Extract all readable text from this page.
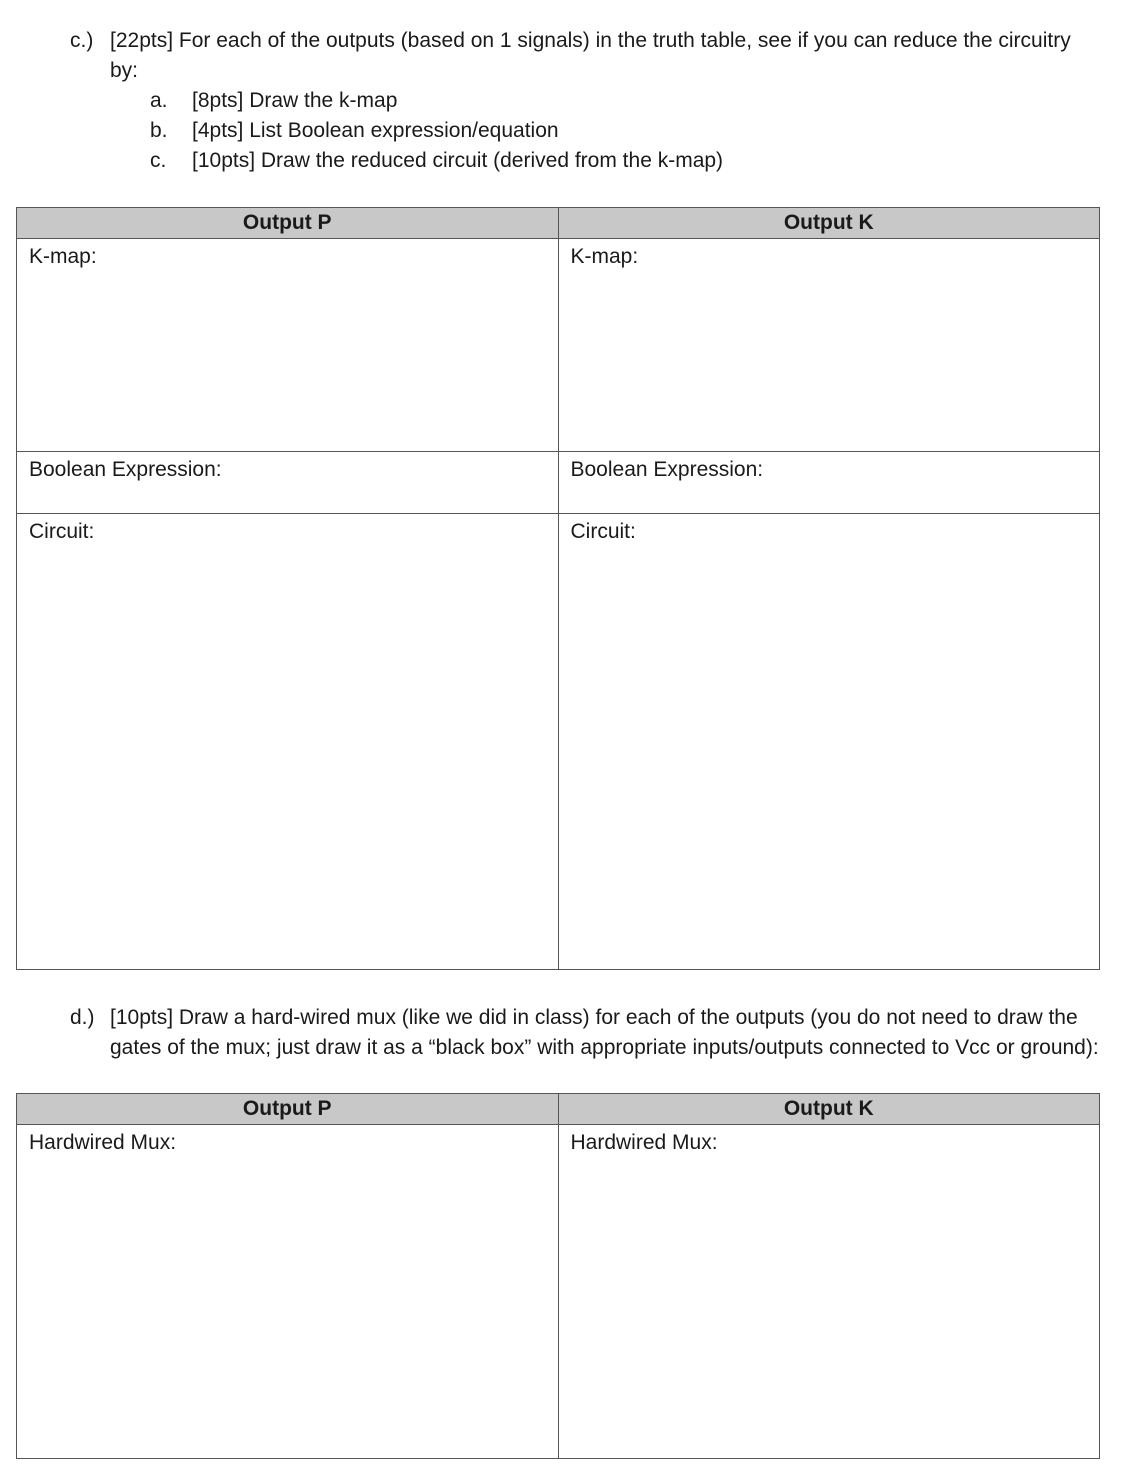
c.) [22pts] For each of the outputs (based on 1 signals) in the truth table, see if you can reduce the circuitry by:
a.	[8pts] Draw the k-map
b.	[4pts] List Boolean expression/equation
c.	[10pts] Draw the reduced circuit (derived from the k-map)
Output P	Output K
K-map:	K-map:
Boolean Expression:	Boolean Expression:
Circuit:	Circuit:
d.) [10pts] Draw a hard-wired mux (like we did in class) for each of the outputs (you do not need to draw the gates of the mux; just draw it as a “black box” with appropriate inputs/outputs connected to Vcc or ground):
Output P	Output K
Hardwired Mux:	Hardwired Mux:
